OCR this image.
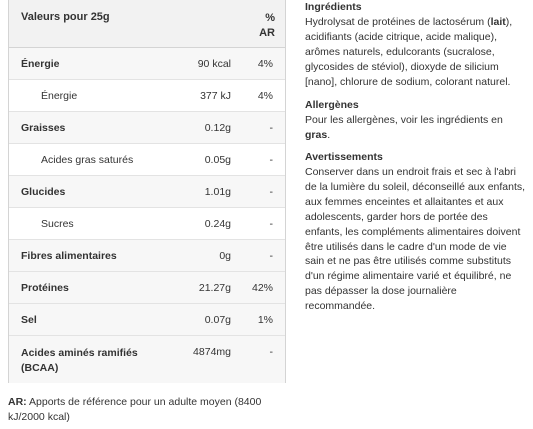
Valeurs pour 25g	%
AR
Énergie	90 kcal	4%
Énergie	377 kJ	4%
Graisses	0.12g	-
Acides gras saturés	0.05g	-
Glucides	1.01g	-
Sucres	0.24g	-
Fibres alimentaires	0g	-
Protéines	21.27g 42%
Sel	0.07g	1%
Acides aminés ramifiés
(BCAA)
4874mg	-
AR: Apports de référence pour un adulte moyen (8400
kJ/2000 kcal)
Ingrédients

Hydrolysat de protéines de lactosérum (lait),
acidifiants (acide citrique, acide malique),
arômes naturels, edulcorants (sucralose,
glycosides de stéviol), dioxyde de silicium
[nano], chlorure de sodium, colorant naturel.

Allergènes

Pour les allergènes, voir les ingrédients en
gras.

Avertissements

Conserver dans un endroit frais et sec à l'abri
de la lumière du soleil, déconseillé aux enfants,
aux femmes enceintes et allaitantes et aux
adolescents, garder hors de portée des
enfants, les compléments alimentaires doivent
être utilisés dans le cadre d'un mode de vie
sain et ne pas être utilisés comme substituts
d'un régime alimentaire varié et équilibré, ne
pas dépasser la dose journalière
recommandée.
